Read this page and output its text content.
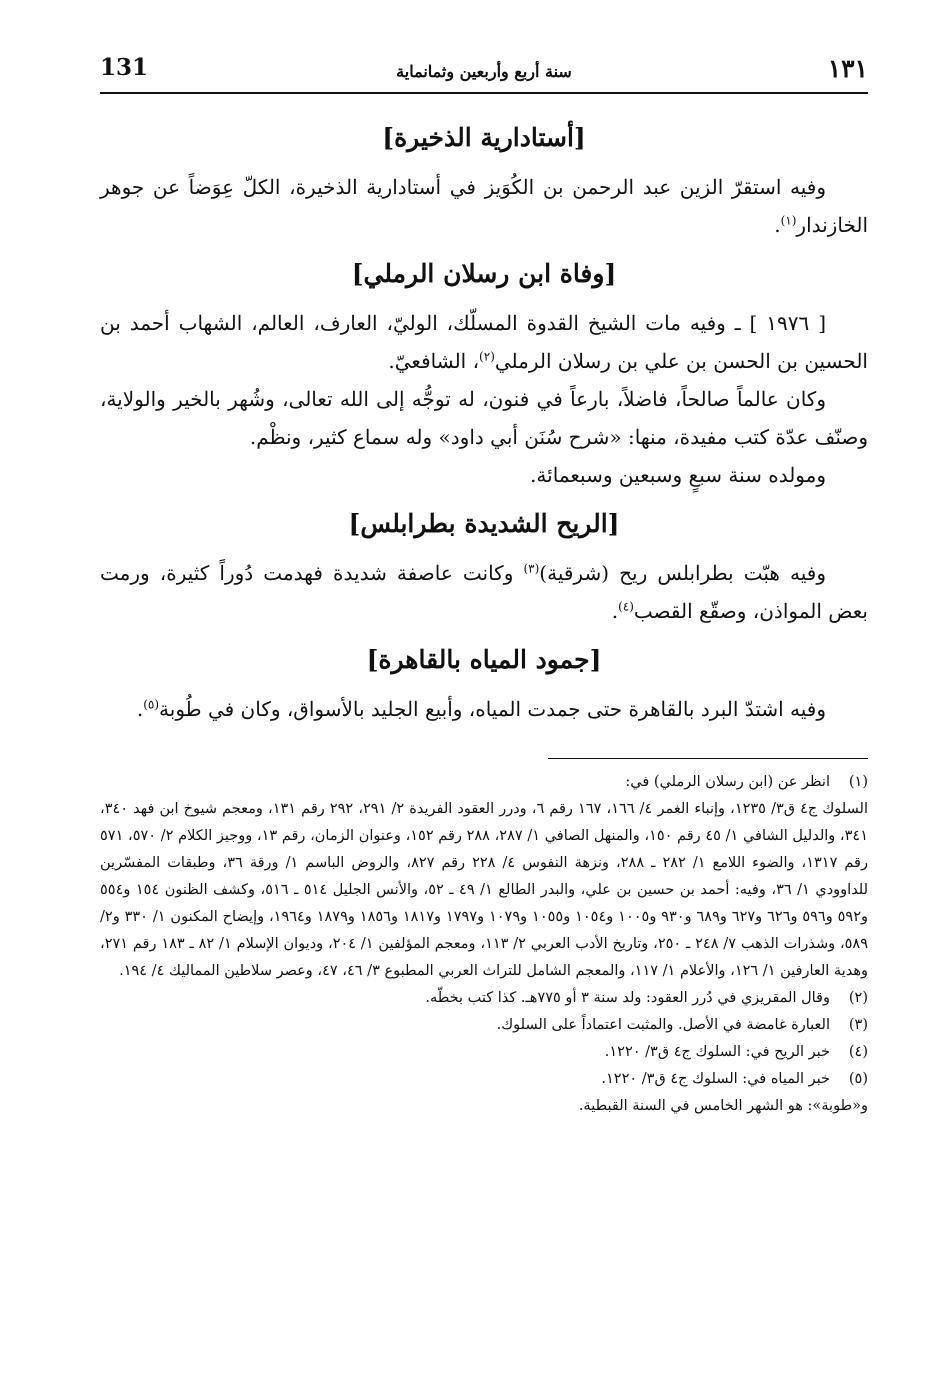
١٣١
سنة أربع وأربعين وثمانماية
131
[أستادارية الذخيرة]

وفيه استقرّ الزين عبد الرحمن بن الكُوَيز في أستادارية الذخيرة، الكلّ عِوَضاً عن جوهر الخازندار$^{(١)}$.

[وفاة ابن رسلان الرملي]

[ ١٩٧٦ ] ـ وفيه مات الشيخ القدوة المسلّك، الوليّ، العارف، العالم، الشهاب أحمد بن الحسين بن الحسن بن علي بن رسلان الرملي$^{(٢)}$، الشافعيّ.

وكان عالماً صالحاً، فاضلاً، بارعاً في فنون، له توجُّه إلى الله تعالى، وشُهر بالخير والولاية، وصنّف عدّة كتب مفيدة، منها: «شرح سُنَن أبي داود» وله سماع كثير، ونظْم.

ومولده سنة سبعٍ وسبعين وسبعمائة.

[الريح الشديدة بطرابلس]

وفيه هبّت بطرابلس ريح (شرقية)$^{(٣)}$ وكانت عاصفة شديدة فهدمت دُوراً كثيرة، ورمت بعض المواذن، وصقّع القصب$^{(٤)}$.

[جمود المياه بالقاهرة]

وفيه اشتدّ البرد بالقاهرة حتى جمدت المياه، وأبيع الجليد بالأسواق، وكان في طُوبة$^{(٥)}$.

(١)
انظر عن (ابن رسلان الرملي) في:
السلوك ج٤ ق٣/ ١٢٣٥، وإنباء الغمر ٤/ ١٦٦، ١٦٧ رقم ٦، ودرر العقود الفريدة ٢/ ٢٩١، ٢٩٢ رقم ١٣١، ومعجم شيوخ ابن فهد ٣٤٠، ٣٤١، والدليل الشافي ١/ ٤٥ رقم ١٥٠، والمنهل الصافي ١/ ٢٨٧، ٢٨٨ رقم ١٥٢، وعنوان الزمان، رقم ١٣، ووجيز الكلام ٢/ ٥٧٠، ٥٧١ رقم ١٣١٧، والضوء اللامع ١/ ٢٨٢ ـ ٢٨٨، ونزهة النفوس ٤/ ٢٢٨ رقم ٨٢٧، والروض الباسم ١/ ورقة ٣٦، وطبقات المفسّرين للداوودي ١/ ٣٦، وفيه: أحمد بن حسين بن علي، والبدر الطالع ١/ ٤٩ ـ ٥٢، والأنس الجليل ٥١٤ ـ ٥١٦، وكشف الظنون ١٥٤ و٥٥٤ و٥٩٢ و٥٩٦ و٦٢٦ و٦٢٧ و٦٨٩ و٩٣٠ و١٠٠٥ و١٠٥٤ و١٠٥٥ و١٠٧٩ و١٧٩٧ و١٨١٧ و١٨٥٦ و١٨٧٩ و١٩٦٤، وإيضاح المكنون ١/ ٣٣٠ و٢/ ٥٨٩، وشذرات الذهب ٧/ ٢٤٨ ـ ٢٥٠، وتاريخ الأدب العربي ٢/ ١١٣، ومعجم المؤلفين ١/ ٢٠٤، وديوان الإسلام ١/ ٨٢ ـ ١٨٣ رقم ٢٧١، وهدية العارفين ١/ ١٢٦، والأعلام ١/ ١١٧، والمعجم الشامل للتراث العربي المطبوع ٣/ ٤٦، ٤٧، وعصر سلاطين المماليك ٤/ ١٩٤.
(٢)
وقال المقريزي في دُرر العقود: ولد سنة ٣ أو ٧٧٥هـ. كذا كتب بخطّه.
(٣)
العبارة غامضة في الأصل. والمثبت اعتماداً على السلوك.
(٤)
خبر الريح في: السلوك ج٤ ق٣/ ١٢٢٠.
(٥)
خبر المياه في: السلوك ج٤ ق٣/ ١٢٢٠.
و«طوبة»: هو الشهر الخامس في السنة القبطية.
